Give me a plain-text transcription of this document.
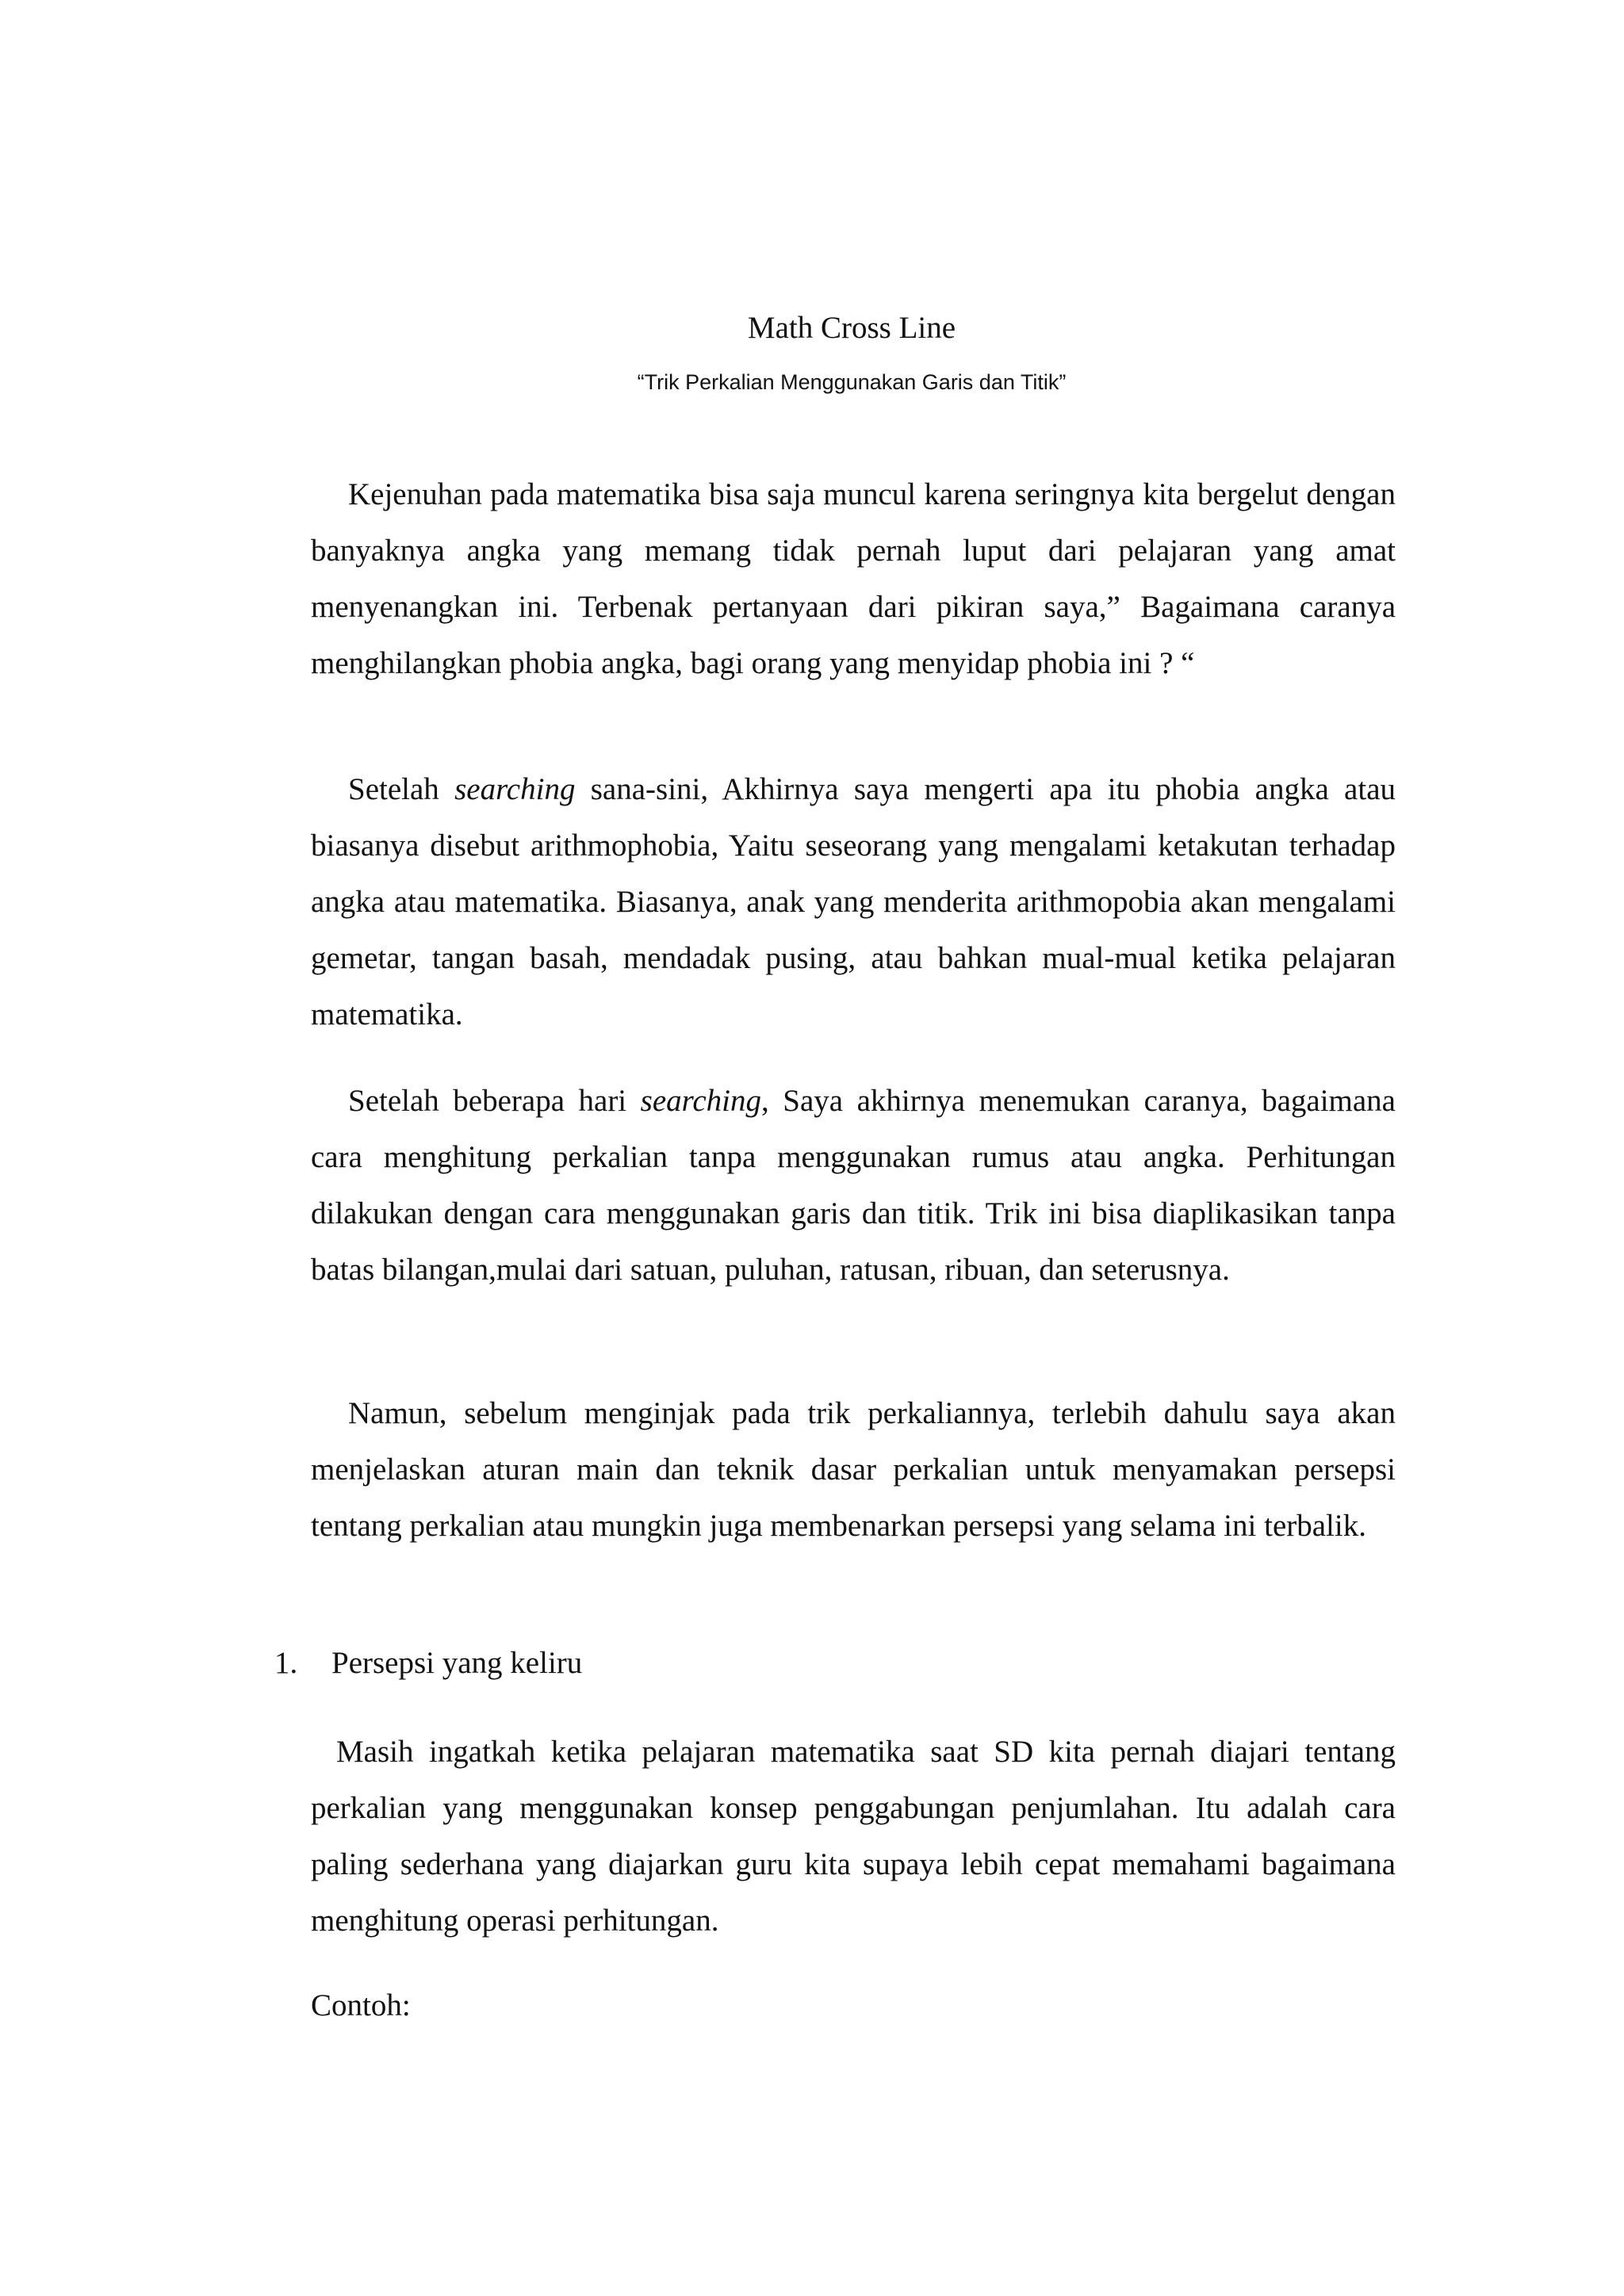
Math Cross Line
“Trik Perkalian Menggunakan Garis dan Titik”

Kejenuhan pada matematika bisa saja muncul karena seringnya kita bergelut dengan banyaknya angka yang memang tidak pernah luput dari pelajaran yang amat menyenangkan ini. Terbenak pertanyaan dari pikiran saya,” Bagaimana caranya menghilangkan phobia angka, bagi orang yang menyidap phobia ini ? “

Setelah searching sana-sini, Akhirnya saya mengerti apa itu phobia angka atau biasanya disebut arithmophobia, Yaitu seseorang yang mengalami ketakutan terhadap angka atau matematika. Biasanya, anak yang menderita arithmopobia akan mengalami gemetar, tangan basah, mendadak pusing, atau bahkan mual-mual ketika pelajaran matematika.

Setelah beberapa hari searching, Saya akhirnya menemukan caranya, bagaimana cara menghitung perkalian tanpa menggunakan rumus atau angka. Perhitungan dilakukan dengan cara menggunakan garis dan titik. Trik ini bisa diaplikasikan tanpa batas bilangan,mulai dari satuan, puluhan, ratusan, ribuan, dan seterusnya.

Namun, sebelum menginjak pada trik perkaliannya, terlebih dahulu saya akan menjelaskan aturan main dan teknik dasar perkalian untuk menyamakan persepsi tentang perkalian atau mungkin juga membenarkan persepsi yang selama ini terbalik.

1. Persepsi yang keliru

Masih ingatkah ketika pelajaran matematika saat SD kita pernah diajari tentang perkalian yang menggunakan konsep penggabungan penjumlahan. Itu adalah cara paling sederhana yang diajarkan guru kita supaya lebih cepat memahami bagaimana menghitung operasi perhitungan.

Contoh:
